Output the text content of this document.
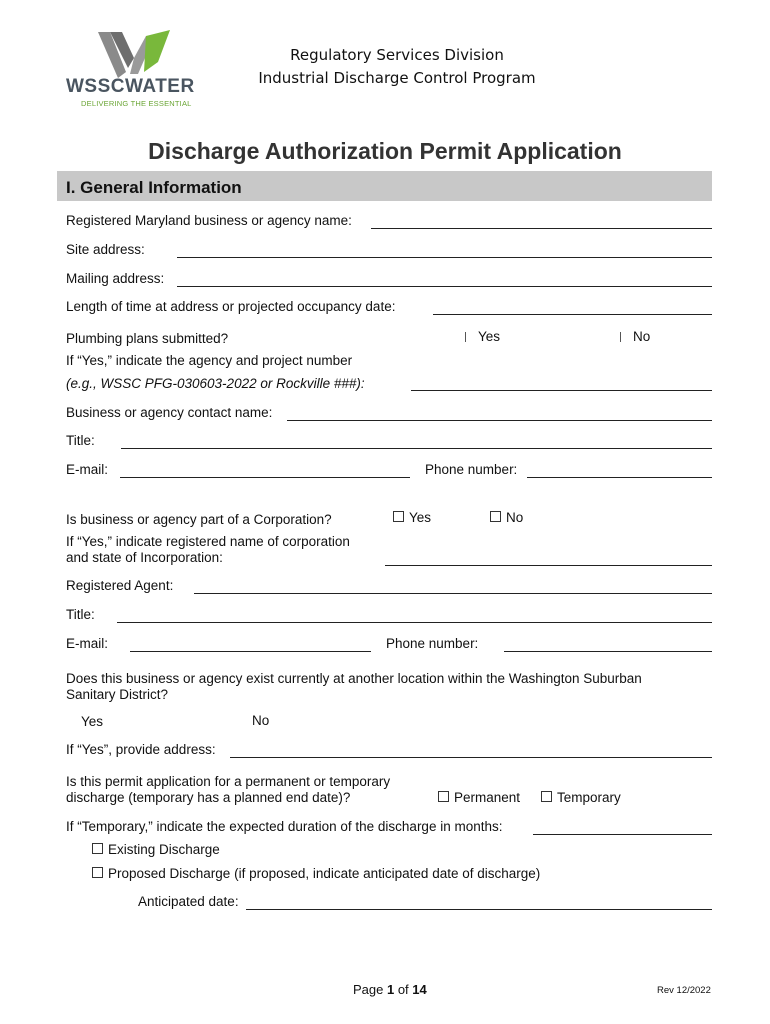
WSSCWATER
DELIVERING THE ESSENTIAL
Regulatory Services Division
Industrial Discharge Control Program
Discharge Authorization Permit Application
I. General Information
Registered Maryland business or agency name:
Site address:
Mailing address:
Length of time at address or projected occupancy date:
Plumbing plans submitted?	Yes	No
If “Yes,” indicate the agency and project number
(e.g., WSSC PFG-030603-2022 or Rockville ###):
Business or agency contact name:
Title:
E-mail:	Phone number:
Is business or agency part of a Corporation?	Yes	No
If “Yes,” indicate registered name of corporation
and state of Incorporation:
Registered Agent:
Title:
E-mail:	Phone number:
Does this business or agency exist currently at another location within the Washington Suburban
Sanitary District?
Yes	No
If “Yes”, provide address:
Is this permit application for a permanent or temporary
discharge (temporary has a planned end date)?	Permanent	Temporary
If “Temporary,” indicate the expected duration of the discharge in months:
Existing Discharge
Proposed Discharge (if proposed, indicate anticipated date of discharge)
Anticipated date:
Page 1 of 14	Rev 12/2022
